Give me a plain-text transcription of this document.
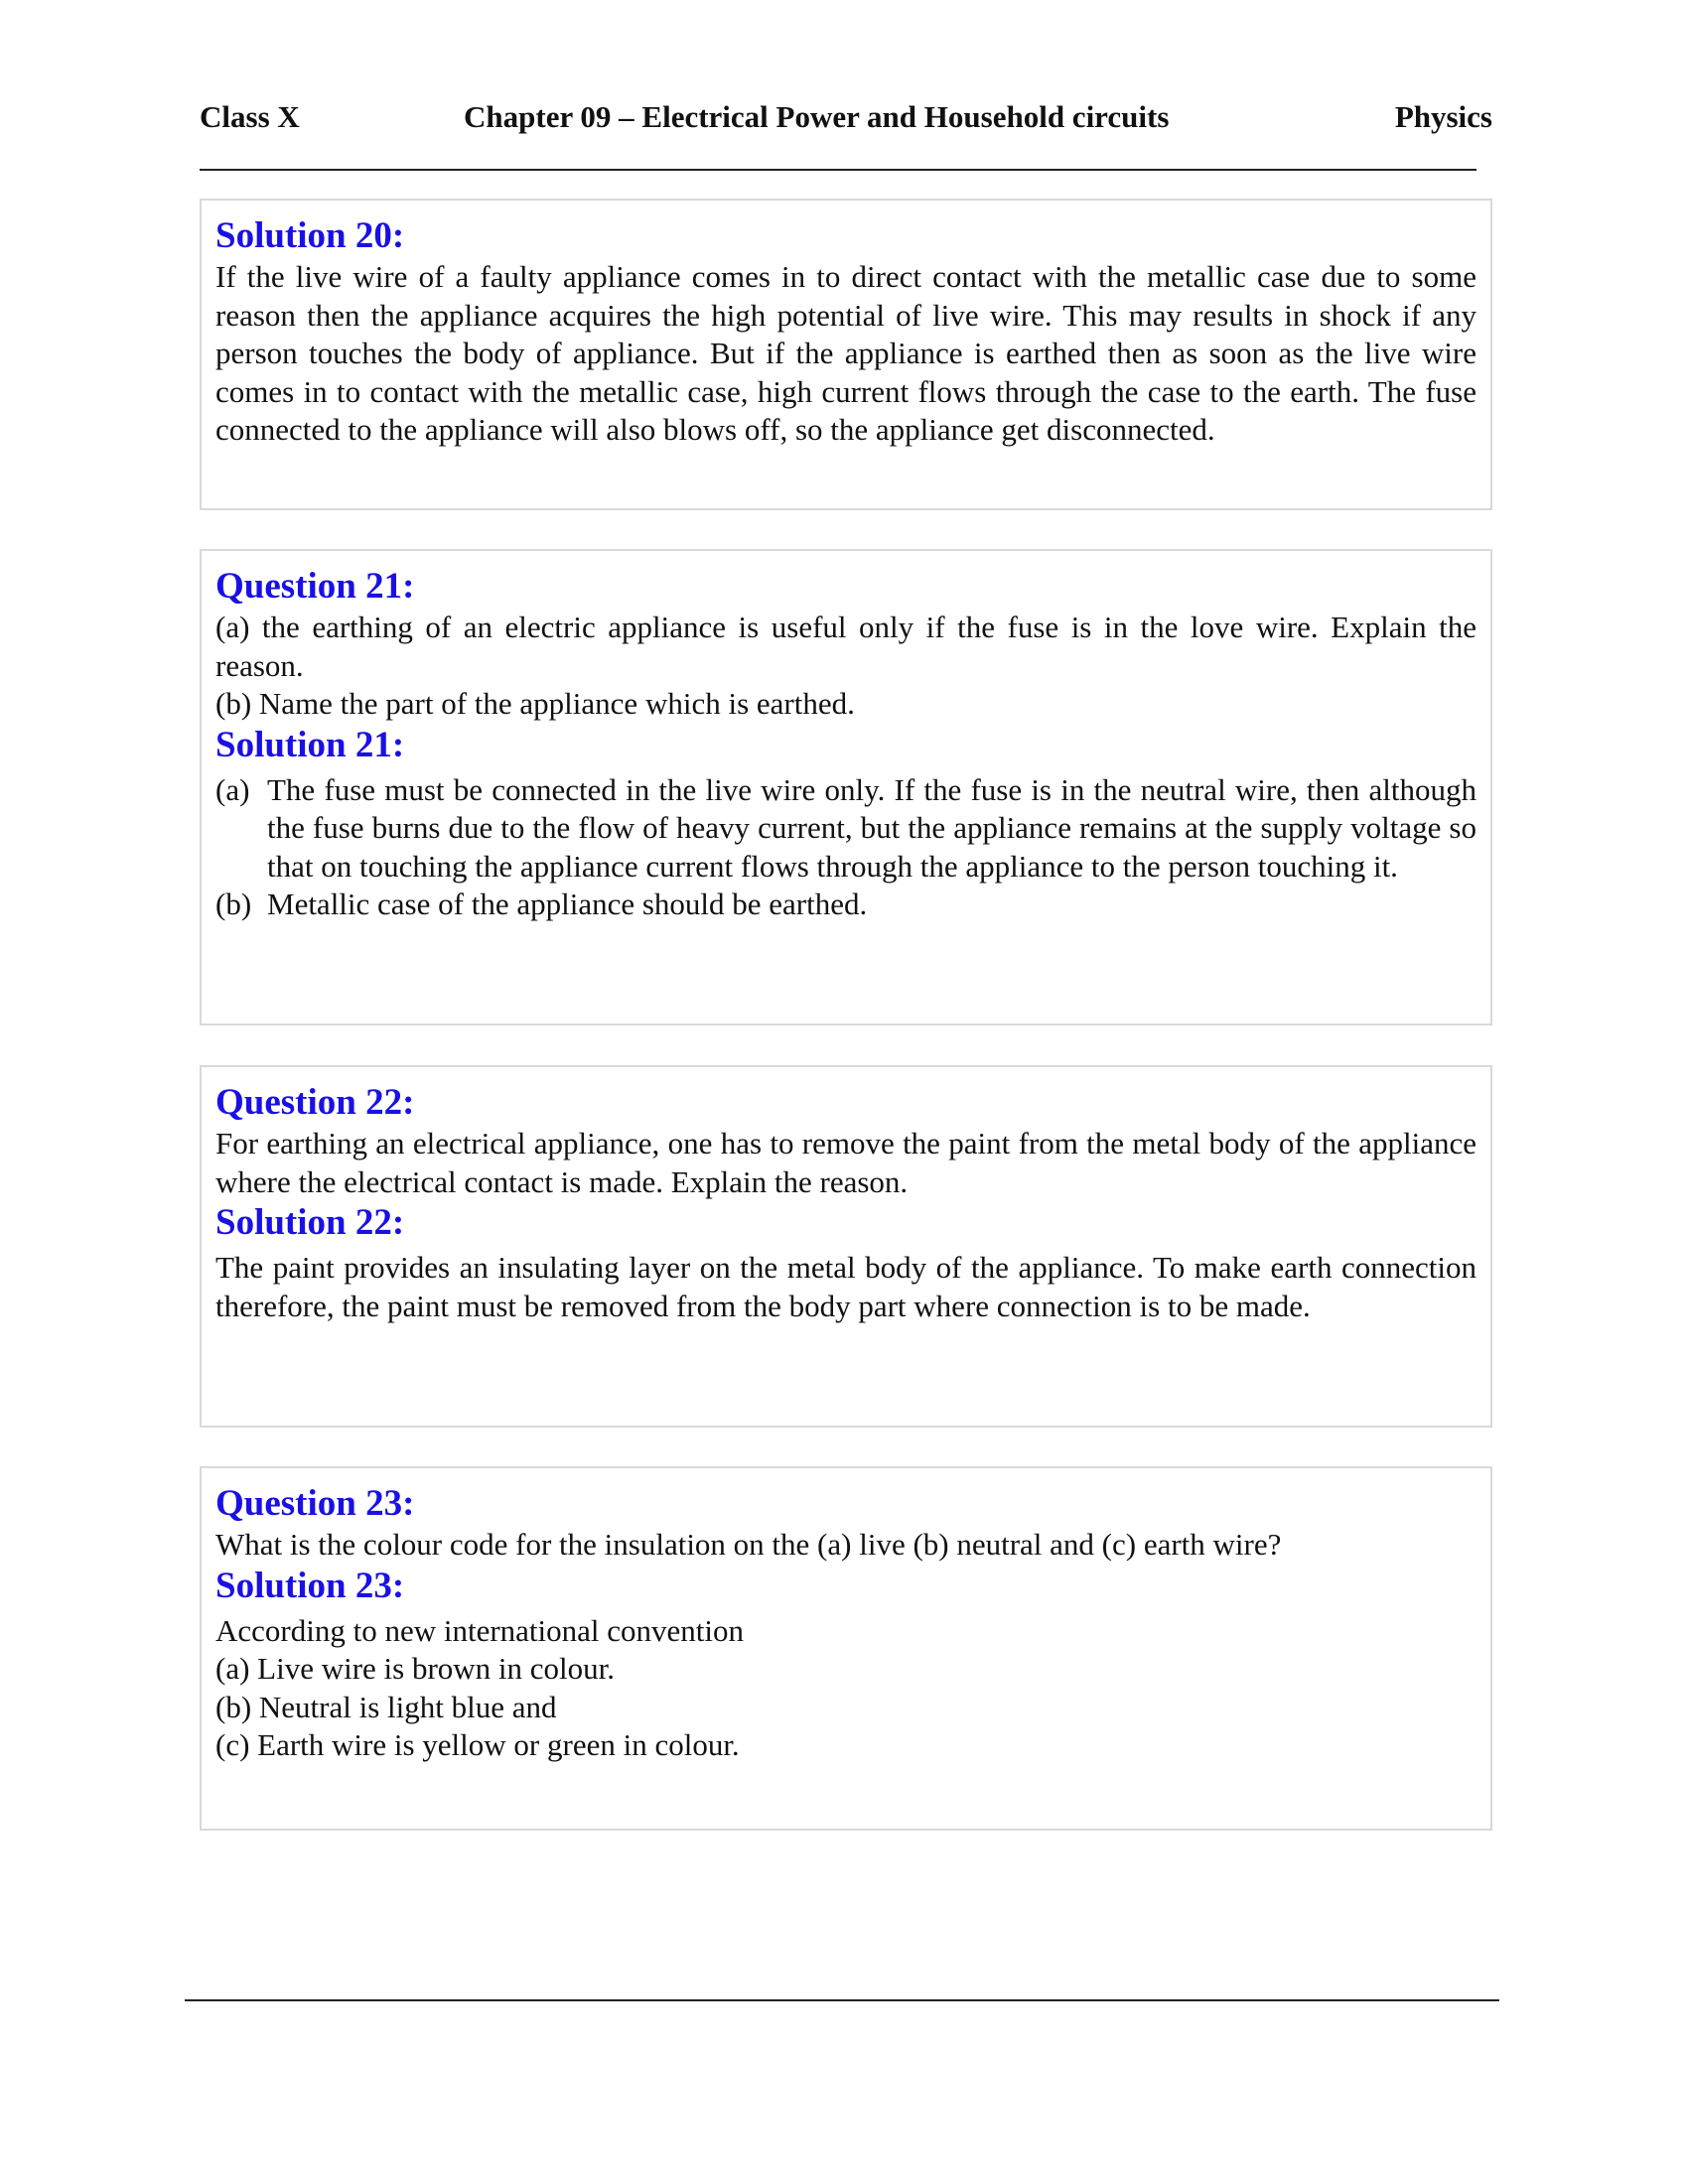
Class X	Chapter 09 – Electrical Power and Household circuits	Physics

Solution 20:

If the live wire of a faulty appliance comes in to direct contact with the metallic case due to some reason then the appliance acquires the high potential of live wire. This may results in shock if any person touches the body of appliance. But if the appliance is earthed then as soon as the live wire comes in to contact with the metallic case, high current flows through the case to the earth. The fuse connected to the appliance will also blows off, so the appliance get disconnected.

Question 21:

(a) the earthing of an electric appliance is useful only if the fuse is in the love wire. Explain the reason.

(b) Name the part of the appliance which is earthed.

Solution 21:

(a) The fuse must be connected in the live wire only. If the fuse is in the neutral wire, then although the fuse burns due to the flow of heavy current, but the appliance remains at the supply voltage so that on touching the appliance current flows through the appliance to the person touching it.
(b) Metallic case of the appliance should be earthed.

Question 22:

For earthing an electrical appliance, one has to remove the paint from the metal body of the appliance where the electrical contact is made. Explain the reason.

Solution 22:

The paint provides an insulating layer on the metal body of the appliance. To make earth connection therefore, the paint must be removed from the body part where connection is to be made.

Question 23:

What is the colour code for the insulation on the (a) live (b) neutral and (c) earth wire?

Solution 23:

According to new international convention

(a) Live wire is brown in colour.

(b) Neutral is light blue and

(c) Earth wire is yellow or green in colour.
